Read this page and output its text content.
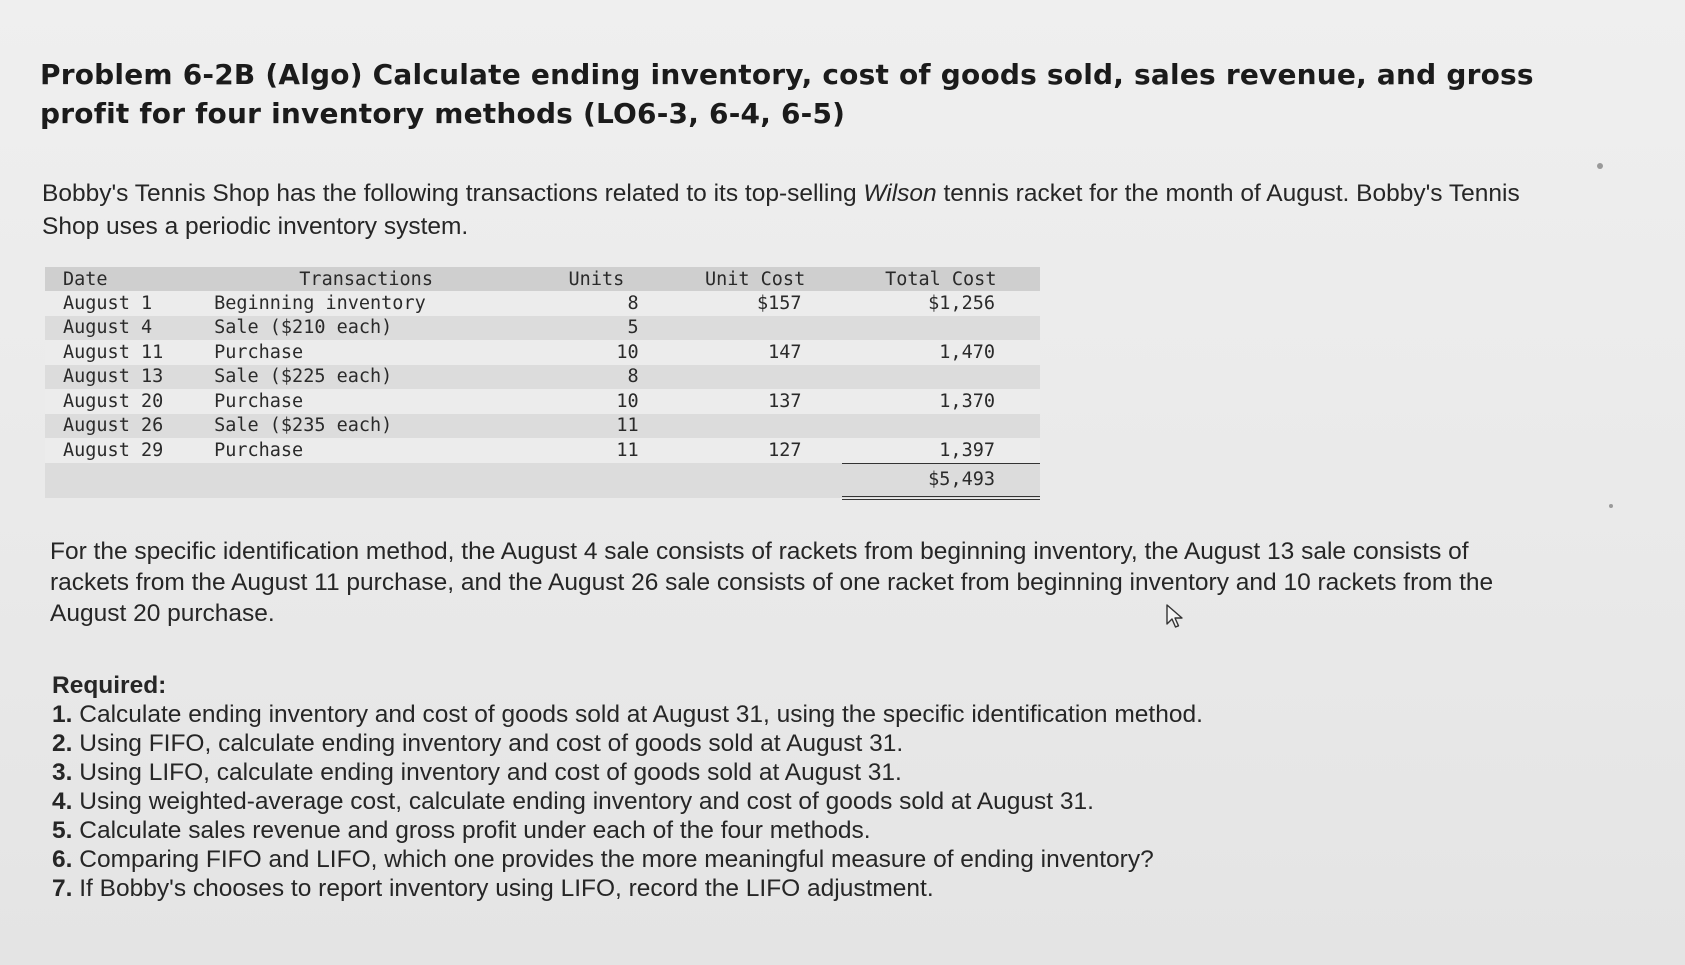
Problem 6-2B (Algo) Calculate ending inventory, cost of goods sold, sales revenue, and gross profit for four inventory methods (LO6-3, 6-4, 6-5)

Bobby's Tennis Shop has the following transactions related to its top-selling Wilson tennis racket for the month of August. Bobby's Tennis Shop uses a periodic inventory system.

Date	Transactions	Units	Unit Cost	Total Cost
August 1	Beginning inventory	8	$157	$1,256
August 4	Sale ($210 each)	5		
August 11	Purchase	10	147	1,470
August 13	Sale ($225 each)	8		
August 20	Purchase	10	137	1,370
August 26	Sale ($235 each)	11		
August 29	Purchase	11	127	1,397
				$5,493

For the specific identification method, the August 4 sale consists of rackets from beginning inventory, the August 13 sale consists of rackets from the August 11 purchase, and the August 26 sale consists of one racket from beginning inventory and 10 rackets from the August 20 purchase.

Required:
1. Calculate ending inventory and cost of goods sold at August 31, using the specific identification method.
2. Using FIFO, calculate ending inventory and cost of goods sold at August 31.
3. Using LIFO, calculate ending inventory and cost of goods sold at August 31.
4. Using weighted-average cost, calculate ending inventory and cost of goods sold at August 31.
5. Calculate sales revenue and gross profit under each of the four methods.
6. Comparing FIFO and LIFO, which one provides the more meaningful measure of ending inventory?
7. If Bobby's chooses to report inventory using LIFO, record the LIFO adjustment.
